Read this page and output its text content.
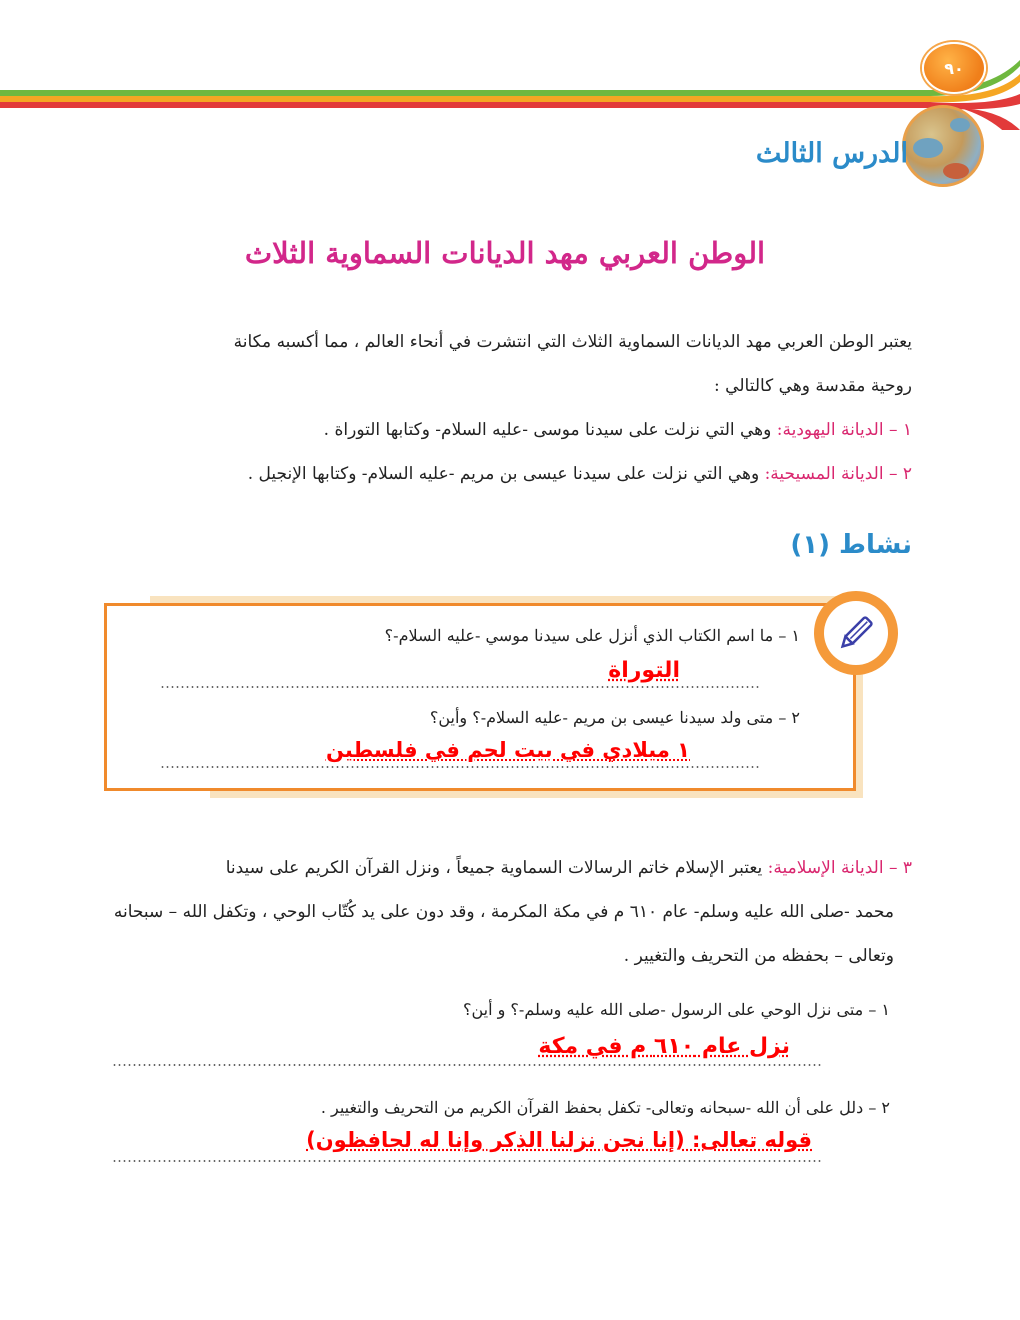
٩٠
الدرس الثالث
الوطن العربي مهد الديانات السماوية الثلاث
يعتبر الوطن العربي مهد الديانات السماوية الثلاث التي انتشرت في أنحاء العالم ، مما أكسبه مكانة
روحية مقدسة وهي كالتالي :
١ – الديانة اليهودية: وهي التي نزلت على سيدنا موسى -عليه السلام- وكتابها التوراة .
٢ – الديانة المسيحية: وهي التي نزلت على سيدنا عيسى بن مريم -عليه السلام- وكتابها الإنجيل .
نشاط (١)
١ – ما اسم الكتاب الذي أنزل على سيدنا موسي -عليه السلام-؟
التوراة
٢ – متى ولد سيدنا عيسى بن مريم -عليه السلام-؟ وأين؟
١ ميلادي في بيت لحم في فلسطين
٣ – الديانة الإسلامية: يعتبر الإسلام خاتم الرسالات السماوية جميعاً ، ونزل القرآن الكريم على سيدنا
محمد -صلى الله عليه وسلم- عام ٦١٠ م في مكة المكرمة ، وقد دون على يد كُتّاب الوحي ، وتكفل الله – سبحانه
وتعالى – بحفظه من التحريف والتغيير .
١ – متى نزل الوحي على الرسول -صلى الله عليه وسلم-؟ و أين؟
نزل عام ٦١٠ م في مكة
٢ – دلل على أن الله -سبحانه وتعالى- تكفل بحفظ القرآن الكريم من التحريف والتغيير .
قوله تعالى: (إنا نحن نزلنا الذكر وإنا له لحافظون)
